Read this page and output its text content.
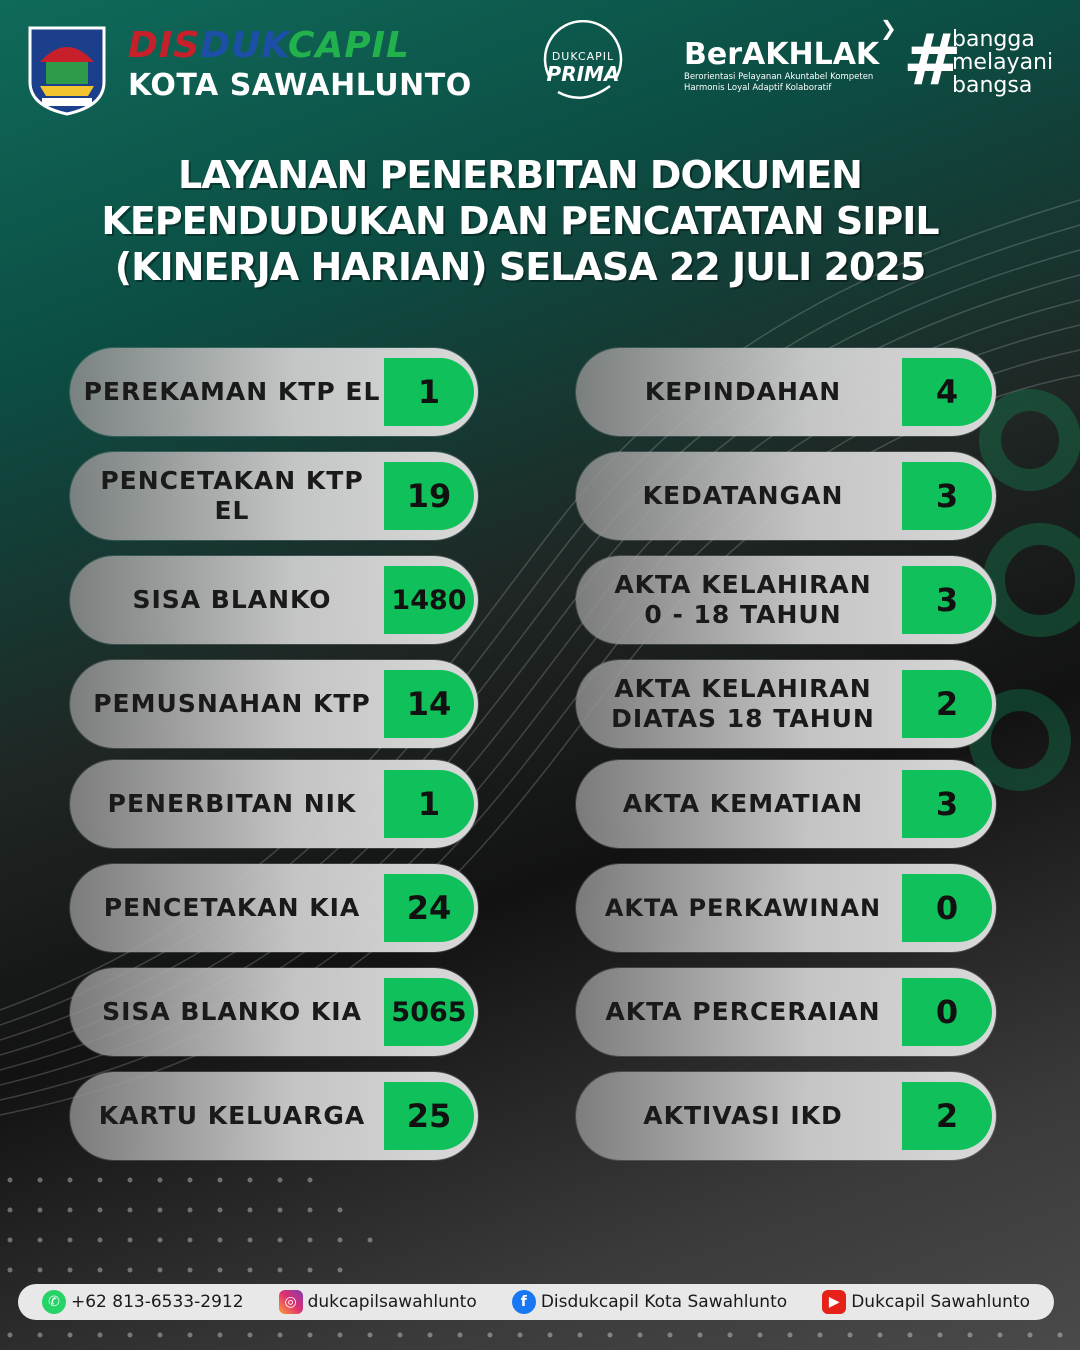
DISDUKCAPIL
KOTA SAWAHLUNTO
DUKCAPIL
PRIMA
❯
BerAKHLAK
Berorientasi Pelayanan Akuntabel Kompeten
Harmonis Loyal Adaptif Kolaboratif	#
bangga
melayani
bangsa
LAYANAN PENERBITAN DOKUMEN
KEPENDUDUKAN DAN PENCATATAN SIPIL
(KINERJA HARIAN) SELASA 22 JULI 2025
PEREKAMAN KTP EL	1
PENCETAKAN KTP EL	19
SISA BLANKO	1480
PEMUSNAHAN KTP	14
PENERBITAN NIK	1
PENCETAKAN KIA	24
SISA BLANKO KIA	5065
KARTU KELUARGA	25
KEPINDAHAN	4
KEDATANGAN	3
AKTA KELAHIRAN
0 - 18 TAHUN	3
AKTA KELAHIRAN
DIATAS 18 TAHUN	2
AKTA KEMATIAN	3
AKTA PERKAWINAN	0
AKTA PERCERAIAN	0
AKTIVASI IKD	2
✆ +62 813-6533-2912	◎ dukcapilsawahlunto	f Disdukcapil Kota Sawahlunto	▶ Dukcapil Sawahlunto
